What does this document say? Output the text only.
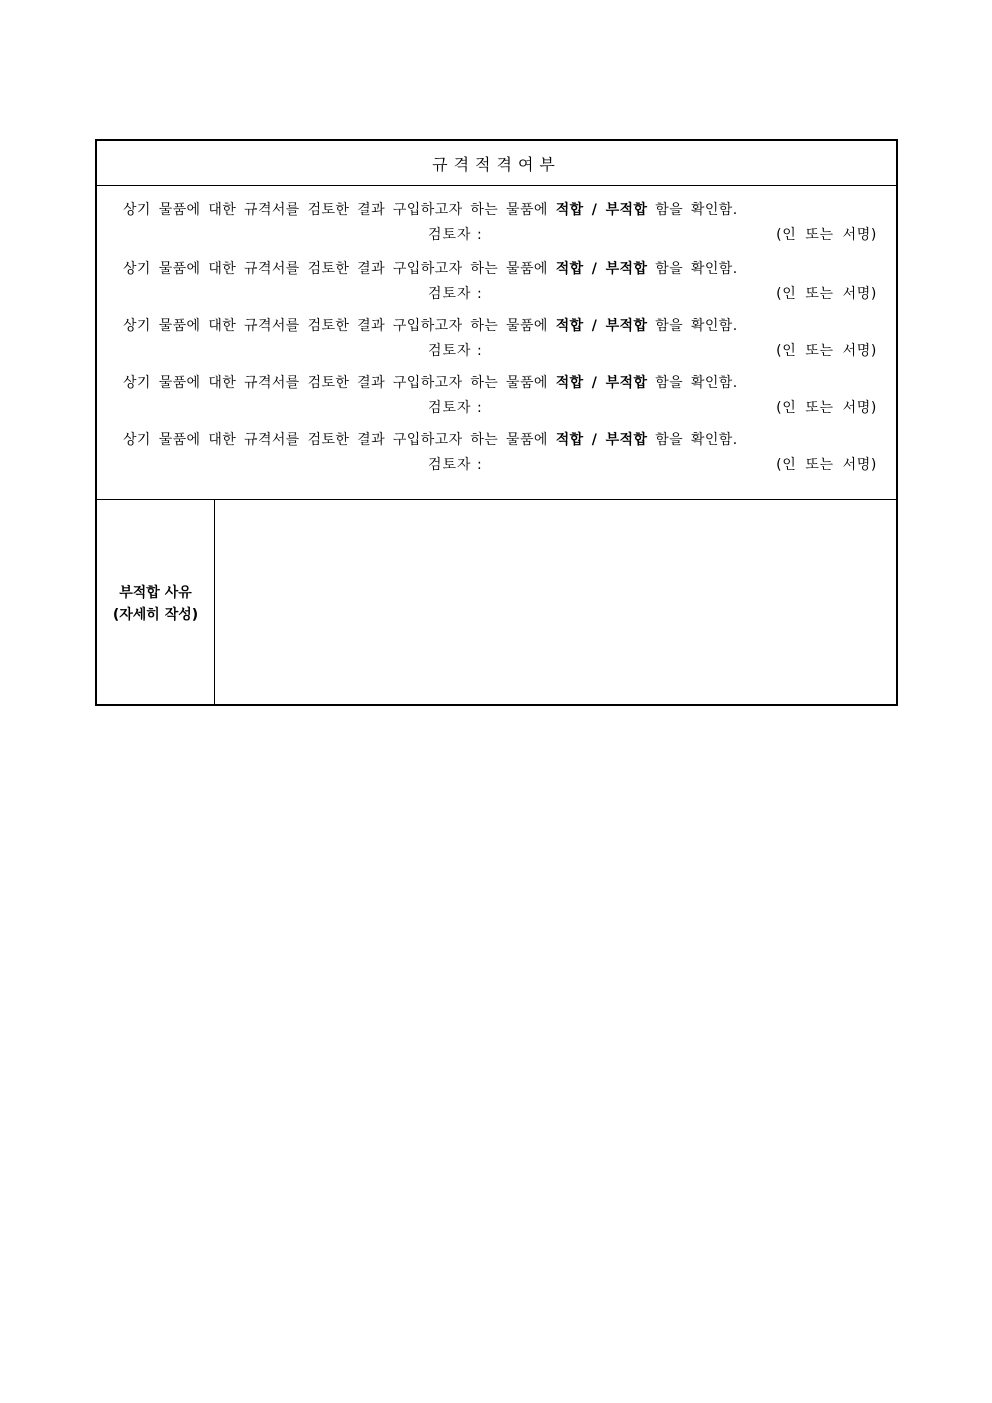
규격적격여부
상기 물품에 대한 규격서를 검토한 결과 구입하고자 하는 물품에 적합 / 부적합 함을 확인함.
검토자 :	(인 또는 서명)
상기 물품에 대한 규격서를 검토한 결과 구입하고자 하는 물품에 적합 / 부적합 함을 확인함.
검토자 :	(인 또는 서명)
상기 물품에 대한 규격서를 검토한 결과 구입하고자 하는 물품에 적합 / 부적합 함을 확인함.
검토자 :	(인 또는 서명)
상기 물품에 대한 규격서를 검토한 결과 구입하고자 하는 물품에 적합 / 부적합 함을 확인함.
검토자 :	(인 또는 서명)
상기 물품에 대한 규격서를 검토한 결과 구입하고자 하는 물품에 적합 / 부적합 함을 확인함.
검토자 :	(인 또는 서명)
부적합 사유
(자세히 작성)
